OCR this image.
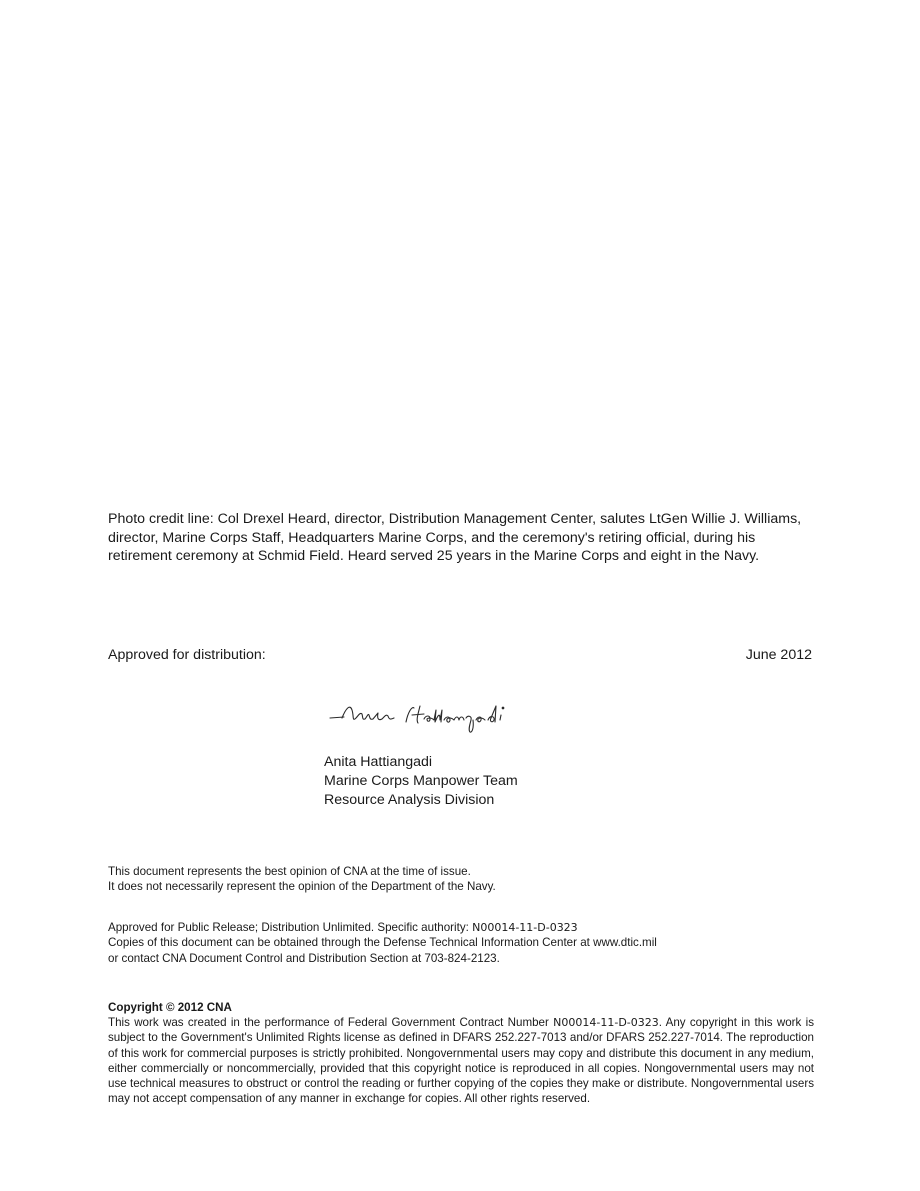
Photo credit line: Col Drexel Heard, director, Distribution Management Center, salutes LtGen Willie J. Williams, director, Marine Corps Staff, Headquarters Marine Corps, and the ceremony's retiring official, during his retirement ceremony at Schmid Field. Heard served 25 years in the Marine Corps and eight in the Navy.

Approved for distribution:	June 2012
Anita Hattiangadi
Marine Corps Manpower Team
Resource Analysis Division
This document represents the best opinion of CNA at the time of issue.
It does not necessarily represent the opinion of the Department of the Navy.
Approved for Public Release; Distribution Unlimited. Specific authority: N00014-11-D-0323
Copies of this document can be obtained through the Defense Technical Information Center at www.dtic.mil
or contact CNA Document Control and Distribution Section at 703-824-2123.
Copyright © 2012 CNA
This work was created in the performance of Federal Government Contract Number N00014-11-D-0323. Any copyright in this work is subject to the Government's Unlimited Rights license as defined in DFARS 252.227-7013 and/or DFARS 252.227-7014. The reproduction of this work for commercial purposes is strictly prohibited. Nongovernmental users may copy and distribute this document in any medium, either commercially or noncommercially, provided that this copyright notice is reproduced in all copies. Nongovernmental users may not use technical measures to obstruct or control the reading or further copying of the copies they make or distribute. Nongovernmental users may not accept compensation of any manner in exchange for copies. All other rights reserved.
